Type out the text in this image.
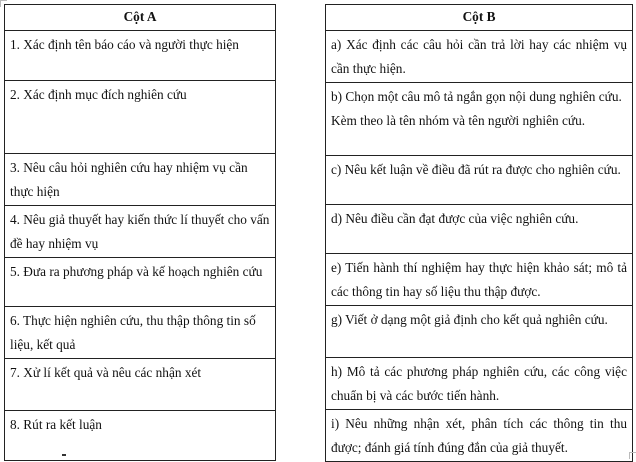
Cột A
1. Xác định tên báo cáo và người thực hiện
2. Xác định mục đích nghiên cứu
3. Nêu câu hỏi nghiên cứu hay nhiệm vụ cần thực hiện
4. Nêu giả thuyết hay kiến thức lí thuyết cho vấn đề hay nhiệm vụ
5. Đưa ra phương pháp và kế hoạch nghiên cứu
6. Thực hiện nghiên cứu, thu thập thông tin số liệu, kết quả
7. Xử lí kết quả và nêu các nhận xét
8. Rút ra kết luận
Cột B
a) Xác định các câu hỏi cần trả lời hay các nhiệm vụ cần thực hiện.

b) Chọn một câu mô tả ngắn gọn nội dung nghiên cứu.
Kèm theo là tên nhóm và tên người nghiên cứu.

c) Nêu kết luận về điều đã rút ra được cho nghiên cứu.
d) Nêu điều cần đạt được của việc nghiên cứu.
e) Tiến hành thí nghiệm hay thực hiện khảo sát; mô tả các thông tin hay số liệu thu thập được.
g) Viết ở dạng một giả định cho kết quả nghiên cứu.
h) Mô tả các phương pháp nghiên cứu, các công việc chuẩn bị và các bước tiến hành.
i) Nêu những nhận xét, phân tích các thông tin thu được; đánh giá tính đúng đắn của giả thuyết.
